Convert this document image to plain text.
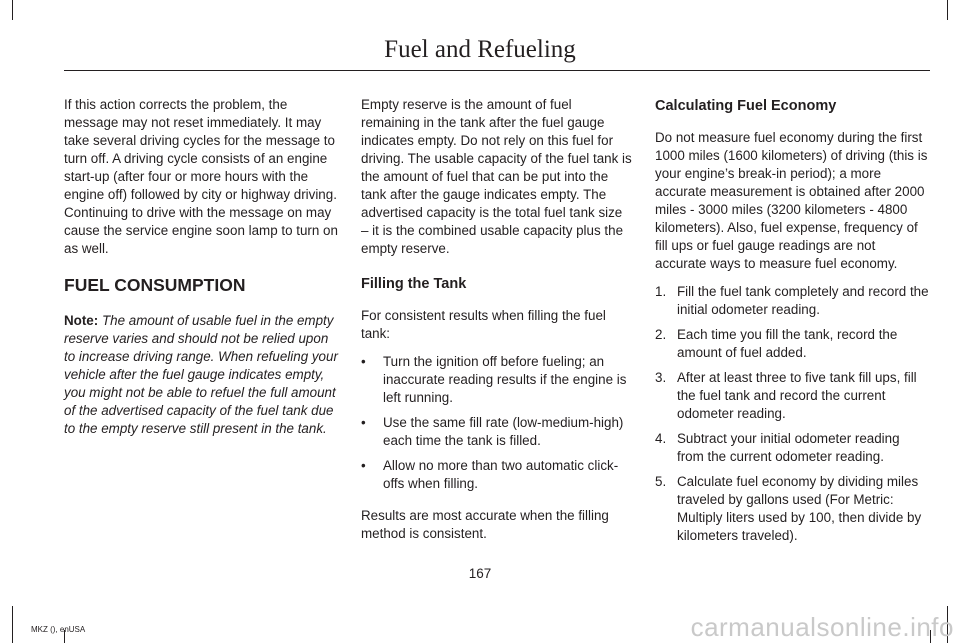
Fuel and Refueling

If this action corrects the problem, the message may not reset immediately. It may take several driving cycles for the message to turn off. A driving cycle consists of an engine start-up (after four or more hours with the engine off) followed by city or highway driving. Continuing to drive with the message on may cause the service engine soon lamp to turn on as well.

FUEL CONSUMPTION

Note: The amount of usable fuel in the empty reserve varies and should not be relied upon to increase driving range. When refueling your vehicle after the fuel gauge indicates empty, you might not be able to refuel the full amount of the advertised capacity of the fuel tank due to the empty reserve still present in the tank.

Empty reserve is the amount of fuel remaining in the tank after the fuel gauge indicates empty. Do not rely on this fuel for driving. The usable capacity of the fuel tank is the amount of fuel that can be put into the tank after the gauge indicates empty. The advertised capacity is the total fuel tank size – it is the combined usable capacity plus the empty reserve.

Filling the Tank

For consistent results when filling the fuel tank:

• Turn the ignition off before fueling; an inaccurate reading results if the engine is left running.
• Use the same fill rate (low-medium-high) each time the tank is filled.
• Allow no more than two automatic click-offs when filling.

Results are most accurate when the filling method is consistent.

Calculating Fuel Economy

Do not measure fuel economy during the first 1000 miles (1600 kilometers) of driving (this is your engine’s break-in period); a more accurate measurement is obtained after 2000 miles - 3000 miles (3200 kilometers - 4800 kilometers). Also, fuel expense, frequency of fill ups or fuel gauge readings are not accurate ways to measure fuel economy.

1. Fill the fuel tank completely and record the initial odometer reading.
2. Each time you fill the tank, record the amount of fuel added.
3. After at least three to five tank fill ups, fill the fuel tank and record the current odometer reading.
4. Subtract your initial odometer reading from the current odometer reading.
5. Calculate fuel economy by dividing miles traveled by gallons used (For Metric: Multiply liters used by 100, then divide by kilometers traveled).
167
MKZ (), enUSA	carmanualsonline.info
